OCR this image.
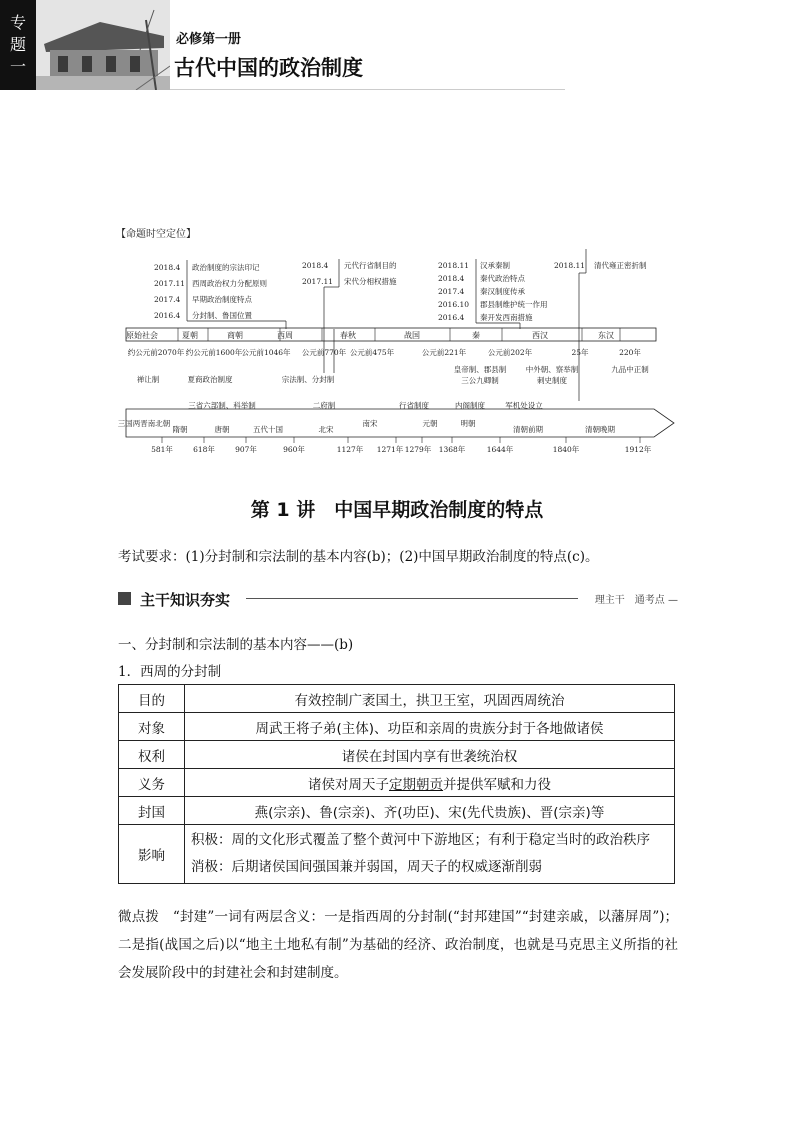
专
题
一
必修第一册
古代中国的政治制度
【命题时空定位】
2018.4 政治制度的宗法印记
2017.11 西周政治权力分配原则
2017.4 早期政治制度特点
2016.4 分封制、鲁国位置
2018.4 元代行省制目的
2017.11 宋代分相权措施
2018.11 汉承秦制
2018.4 秦代政治特点
2017.4 秦汉制度传承
2016.10 郡县制维护统一作用
2016.4 秦开发西南措施
2018.11 清代雍正密折制
原始社会	夏朝	商朝	西周	春秋	战国	秦	西汉	东汉
约公元前2070年 约公元前1600年 公元前1046年 公元前770年 公元前475年	公元前221年	公元前202年	25年	220年
禅让制	夏商政治制度	宗法制、分封制
皇帝制、郡县制
三公九卿制
中外朝、察举制
刺史制度
九品中正制
三省六部制、科举制	二府制	行省制度	内阁制度	军机处设立
三国两晋南北朝
隋朝	唐朝	五代十国	北宋
南宋	元朝	明朝
清朝前期	清朝晚期
581年	618年	907年	960年	1127年 1271年 1279年 1368年	1644年	1840年	1912年
第 1 讲　中国早期政治制度的特点
考试要求：(1)分封制和宗法制的基本内容(b)；(2)中国早期政治制度的特点(c)。
主干知识夯实	理主干　通考点 —
一、分封制和宗法制的基本内容——(b)
1．西周的分封制
目的	有效控制广袤国土，拱卫王室，巩固西周统治
对象	周武王将子弟(主体)、功臣和亲周的贵族分封于各地做诸侯
权利	诸侯在封国内享有世袭统治权
义务	诸侯对周天子定期朝贡并提供军赋和力役
封国	燕(宗亲)、鲁(宗亲)、齐(功臣)、宋(先代贵族)、晋(宗亲)等
影响	积极：周的文化形式覆盖了整个黄河中下游地区；有利于稳定当时的政治秩序
消极：后期诸侯国间强国兼并弱国，周天子的权威逐渐削弱
微点拨　“封建”一词有两层含义：一是指西周的分封制(“封邦建国”“封建亲戚，以藩屏周”)；二是指(战国之后)以“地主土地私有制”为基础的经济、政治制度，也就是马克思主义所指的社会发展阶段中的封建社会和封建制度。
